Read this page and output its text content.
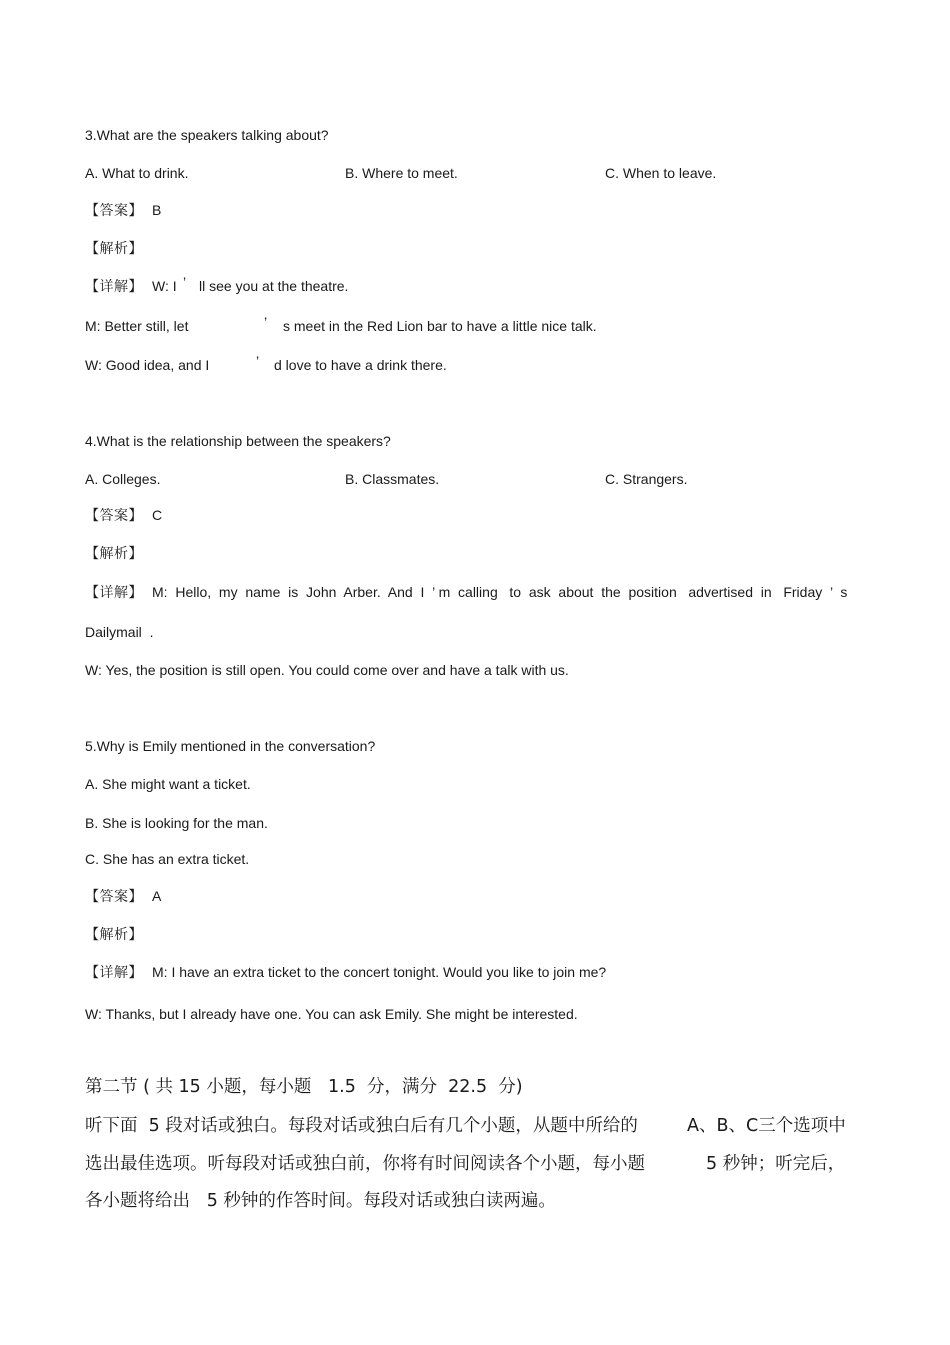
3.What are the speakers talking about?
A. What to drink.	B. Where to meet.	C. When to leave.
【答案】 B
【解析】
【详解】 W: I ’ ll see you at the theatre.
M: Better still, let	’ s meet in the Red Lion bar to have a little nice talk.
W: Good idea, and I	’ d love to have a drink there.
4.What is the relationship between the speakers?
A. Colleges.	B. Classmates.	C. Strangers.
【答案】 C
【解析】
【详解】 M:  Hello,  my  name  is  John  Arber.  And  I  ’ m  calling   to  ask  about  the  position   advertised  in   Friday  ’  s
Dailymail  .
W: Yes, the position is still open. You could come over and have a talk with us.
5.Why is Emily mentioned in the conversation?
A. She might want a ticket.
B. She is looking for the man.
C. She has an extra ticket.
【答案】 A
【解析】
【详解】 M: I have an extra ticket to the concert tonight. Would you like to join me?
W: Thanks, but I already have one. You can ask Emily. She might be interested.
第二节 ( 共 15 小题，每小题   1.5  分，满分  22.5  分)
听下面  5 段对话或独白。每段对话或独白后有几个小题，从题中所给的	A、B、C三个选项中
选出最佳选项。听每段对话或独白前，你将有时间阅读各个小题，每小题	5 秒钟；听完后，
各小题将给出   5 秒钟的作答时间。每段对话或独白读两遍。
